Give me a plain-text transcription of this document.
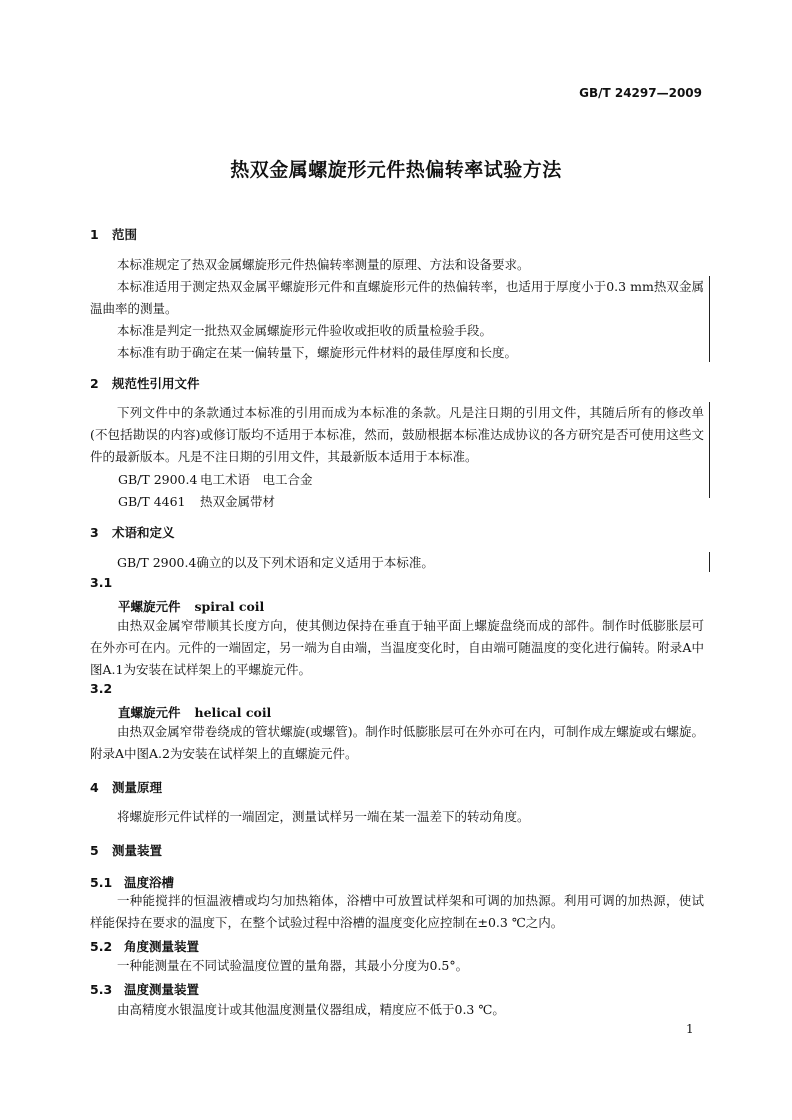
GB/T 24297—2009
热双金属螺旋形元件热偏转率试验方法
1 范围

本标准规定了热双金属螺旋形元件热偏转率测量的原理、方法和设备要求。

本标准适用于测定热双金属平螺旋形元件和直螺旋形元件的热偏转率，也适用于厚度小于0.3 mm热双金属温曲率的测量。

本标准是判定一批热双金属螺旋形元件验收或拒收的质量检验手段。

本标准有助于确定在某一偏转量下，螺旋形元件材料的最佳厚度和长度。

2 规范性引用文件

下列文件中的条款通过本标准的引用而成为本标准的条款。凡是注日期的引用文件，其随后所有的修改单(不包括勘误的内容)或修订版均不适用于本标准，然而，鼓励根据本标准达成协议的各方研究是否可使用这些文件的最新版本。凡是不注日期的引用文件，其最新版本适用于本标准。

GB/T 2900.4 电工术语　电工合金
GB/T 4461 热双金属带材
3 术语和定义

GB/T 2900.4确立的以及下列术语和定义适用于本标准。

3.1
平螺旋元件 spiral coil

由热双金属窄带顺其长度方向，使其侧边保持在垂直于轴平面上螺旋盘绕而成的部件。制作时低膨胀层可在外亦可在内。元件的一端固定，另一端为自由端，当温度变化时，自由端可随温度的变化进行偏转。附录A中图A.1为安装在试样架上的平螺旋元件。

3.2
直螺旋元件 helical coil

由热双金属窄带卷绕成的管状螺旋(或螺管)。制作时低膨胀层可在外亦可在内，可制作成左螺旋或右螺旋。附录A中图A.2为安装在试样架上的直螺旋元件。

4 测量原理

将螺旋形元件试样的一端固定，测量试样另一端在某一温差下的转动角度。

5 测量装置
5.1 温度浴槽

一种能搅拌的恒温液槽或均匀加热箱体，浴槽中可放置试样架和可调的加热源。利用可调的加热源，使试样能保持在要求的温度下，在整个试验过程中浴槽的温度变化应控制在±0.3 ℃之内。

5.2 角度测量装置

一种能测量在不同试验温度位置的量角器，其最小分度为0.5°。

5.3 温度测量装置

由高精度水银温度计或其他温度测量仪器组成，精度应不低于0.3 ℃。

1
